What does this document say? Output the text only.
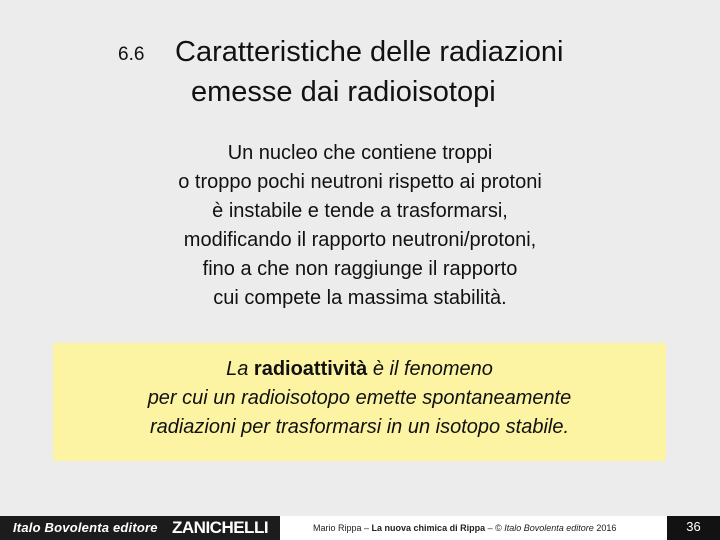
6.6 Caratteristiche delle radiazioni
emesse dai radioisotopi
Un nucleo che contiene troppi
o troppo pochi neutroni rispetto ai protoni
è instabile e tende a trasformarsi,
modificando il rapporto neutroni/protoni,
fino a che non raggiunge il rapporto
cui compete la massima stabilità.
La radioattività è il fenomeno
per cui un radioisotopo emette spontaneamente
radiazioni per trasformarsi in un isotopo stabile.
Italo Bovolenta editore ZANICHELLI	Mario Rippa – La nuova chimica di Rippa – © Italo Bovolenta editore 2016	36
